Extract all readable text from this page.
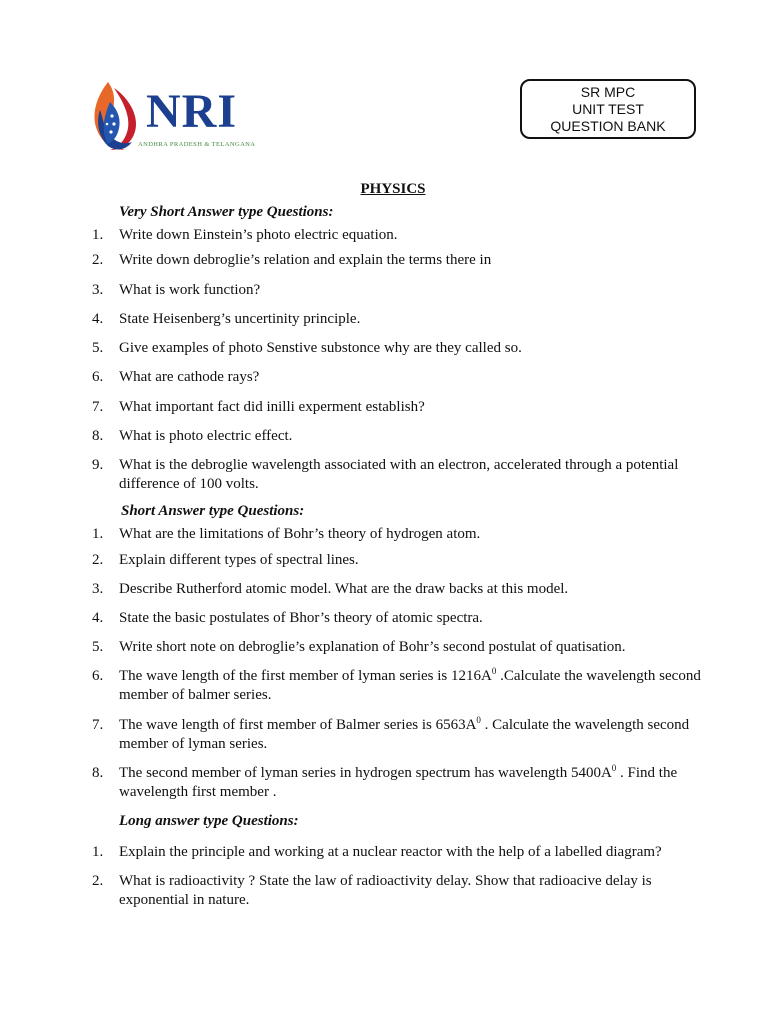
NRI
ANDHRA PRADESH & TELANGANA
SR MPC
UNIT TEST
QUESTION BANK
PHYSICS
Very Short Answer type Questions:
1.	Write down Einstein’s photo electric equation.
2.	Write down debroglie’s relation and explain the terms there in
3.	What is work function?
4.	State Heisenberg’s uncertinity principle.
5.	Give examples of photo Senstive substonce why are they called so.
6.	What are cathode rays?
7.	What important fact did inilli experment establish?
8.	What is photo electric effect.
9.	What is the debroglie wavelength associated with an electron, accelerated through a potential difference of 100 volts.
Short Answer type Questions:
1.	What are the limitations of Bohr’s theory of hydrogen atom.
2.	Explain different types of spectral lines.
3.	Describe Rutherford atomic model. What are the draw backs at this model.
4.	State the basic postulates of Bhor’s theory of atomic spectra.
5.	Write short note on debroglie’s explanation of Bohr’s second postulat of quatisation.
6.	The wave length of the first member of lyman series is $1216A^0$ .Calculate the wavelength second member of balmer series.
7.	The wave length of first member of Balmer series is $6563A^0$ . Calculate the wavelength second member of lyman series.
8.	The second member of lyman series in hydrogen spectrum has wavelength $5400A^0$ . Find the wavelength first member .
Long answer type Questions:
1.	Explain the principle and working at a nuclear reactor with the help of a labelled diagram?
2.	What is radioactivity ? State the law of radioactivity delay. Show that radioacive delay is exponential in nature.
